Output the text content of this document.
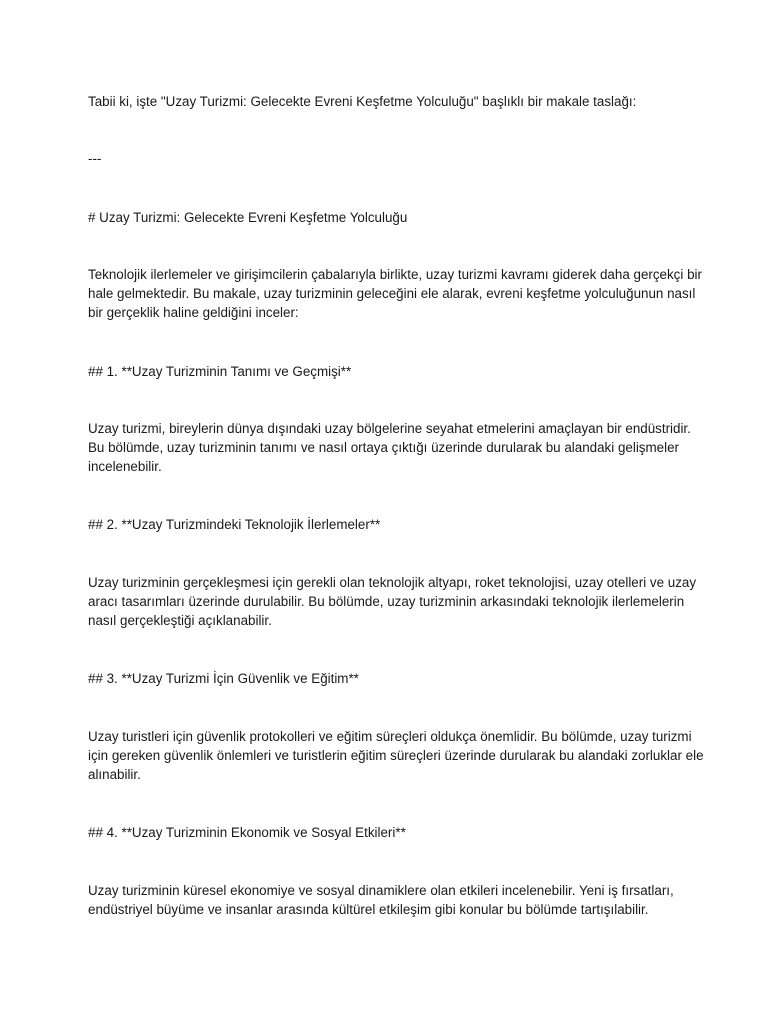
Tabii ki, işte "Uzay Turizmi: Gelecekte Evreni Keşfetme Yolculuğu" başlıklı bir makale taslağı:

---

# Uzay Turizmi: Gelecekte Evreni Keşfetme Yolculuğu

Teknolojik ilerlemeler ve girişimcilerin çabalarıyla birlikte, uzay turizmi kavramı giderek daha gerçekçi bir

hale gelmektedir. Bu makale, uzay turizminin geleceğini ele alarak, evreni keşfetme yolculuğunun nasıl

bir gerçeklik haline geldiğini inceler:

## 1. **Uzay Turizminin Tanımı ve Geçmişi**

Uzay turizmi, bireylerin dünya dışındaki uzay bölgelerine seyahat etmelerini amaçlayan bir endüstridir.

Bu bölümde, uzay turizminin tanımı ve nasıl ortaya çıktığı üzerinde durularak bu alandaki gelişmeler

incelenebilir.

## 2. **Uzay Turizmindeki Teknolojik İlerlemeler**

Uzay turizminin gerçekleşmesi için gerekli olan teknolojik altyapı, roket teknolojisi, uzay otelleri ve uzay

aracı tasarımları üzerinde durulabilir. Bu bölümde, uzay turizminin arkasındaki teknolojik ilerlemelerin

nasıl gerçekleştiği açıklanabilir.

## 3. **Uzay Turizmi İçin Güvenlik ve Eğitim**

Uzay turistleri için güvenlik protokolleri ve eğitim süreçleri oldukça önemlidir. Bu bölümde, uzay turizmi

için gereken güvenlik önlemleri ve turistlerin eğitim süreçleri üzerinde durularak bu alandaki zorluklar ele

alınabilir.

## 4. **Uzay Turizminin Ekonomik ve Sosyal Etkileri**

Uzay turizminin küresel ekonomiye ve sosyal dinamiklere olan etkileri incelenebilir. Yeni iş fırsatları,

endüstriyel büyüme ve insanlar arasında kültürel etkileşim gibi konular bu bölümde tartışılabilir.
